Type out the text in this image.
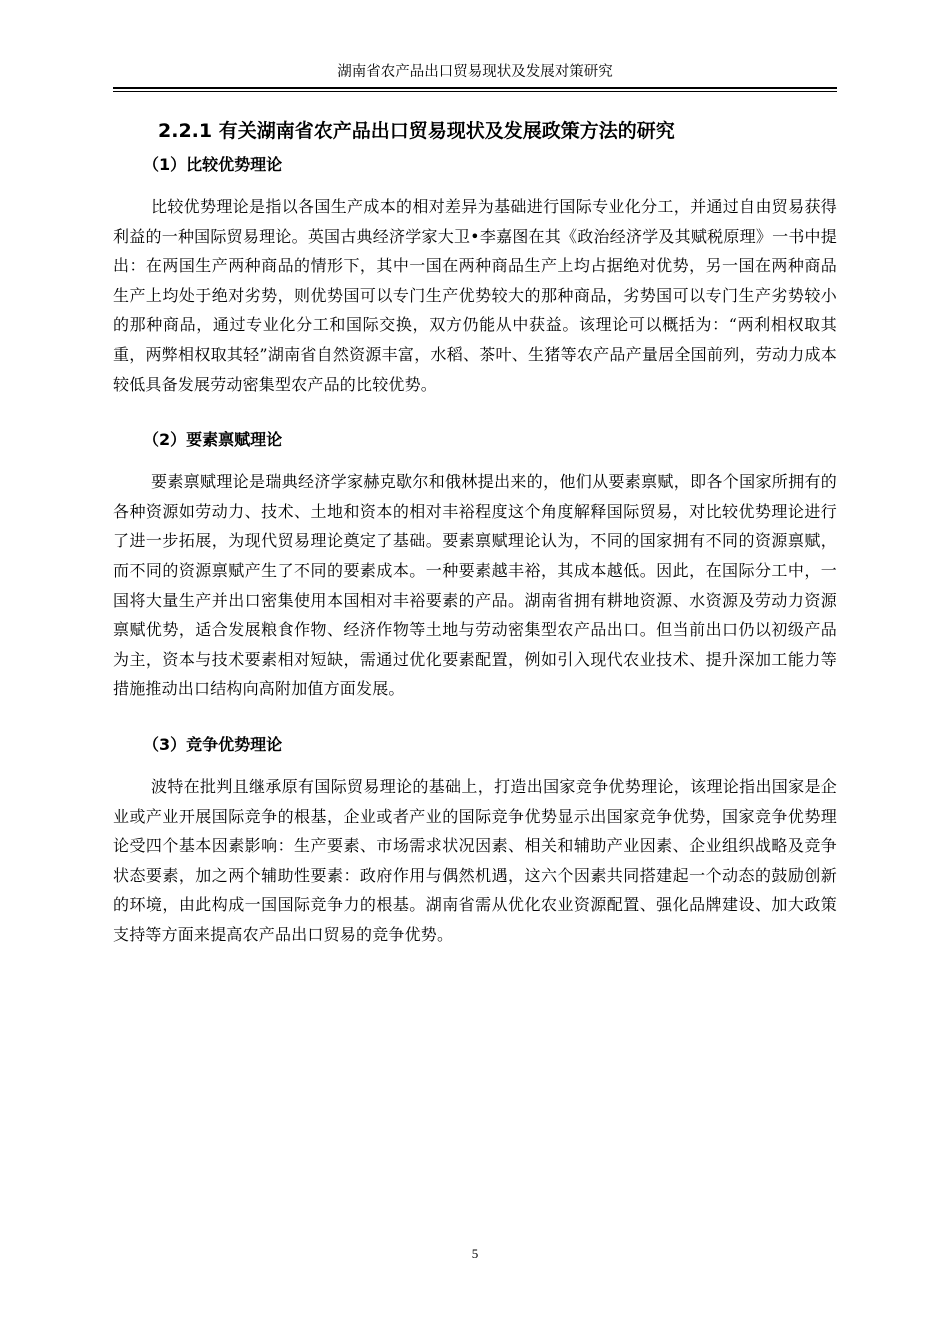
湖南省农产品出口贸易现状及发展对策研究
2.2.1 有关湖南省农产品出口贸易现状及发展政策方法的研究
（1）比较优势理论

比较优势理论是指以各国生产成本的相对差异为基础进行国际专业化分工，并通过自由贸易获得利益的一种国际贸易理论。英国古典经济学家大卫•李嘉图在其《政治经济学及其赋税原理》一书中提出：在两国生产两种商品的情形下，其中一国在两种商品生产上均占据绝对优势，另一国在两种商品生产上均处于绝对劣势，则优势国可以专门生产优势较大的那种商品，劣势国可以专门生产劣势较小的那种商品，通过专业化分工和国际交换，双方仍能从中获益。该理论可以概括为：“两利相权取其重，两弊相权取其轻”湖南省自然资源丰富，水稻、茶叶、生猪等农产品产量居全国前列，劳动力成本较低具备发展劳动密集型农产品的比较优势。

（2）要素禀赋理论

要素禀赋理论是瑞典经济学家赫克歇尔和俄林提出来的，他们从要素禀赋，即各个国家所拥有的各种资源如劳动力、技术、土地和资本的相对丰裕程度这个角度解释国际贸易，对比较优势理论进行了进一步拓展，为现代贸易理论奠定了基础。要素禀赋理论认为，不同的国家拥有不同的资源禀赋，而不同的资源禀赋产生了不同的要素成本。一种要素越丰裕，其成本越低。因此，在国际分工中，一国将大量生产并出口密集使用本国相对丰裕要素的产品。湖南省拥有耕地资源、水资源及劳动力资源禀赋优势，适合发展粮食作物、经济作物等土地与劳动密集型农产品出口。但当前出口仍以初级产品为主，资本与技术要素相对短缺，需通过优化要素配置，例如引入现代农业技术、提升深加工能力等措施推动出口结构向高附加值方面发展。

（3）竞争优势理论

波特在批判且继承原有国际贸易理论的基础上，打造出国家竞争优势理论，该理论指出国家是企业或产业开展国际竞争的根基，企业或者产业的国际竞争优势显示出国家竞争优势，国家竞争优势理论受四个基本因素影响：生产要素、市场需求状况因素、相关和辅助产业因素、企业组织战略及竞争状态要素，加之两个辅助性要素：政府作用与偶然机遇，这六个因素共同搭建起一个动态的鼓励创新的环境，由此构成一国国际竞争力的根基。湖南省需从优化农业资源配置、强化品牌建设、加大政策支持等方面来提高农产品出口贸易的竞争优势。

5
